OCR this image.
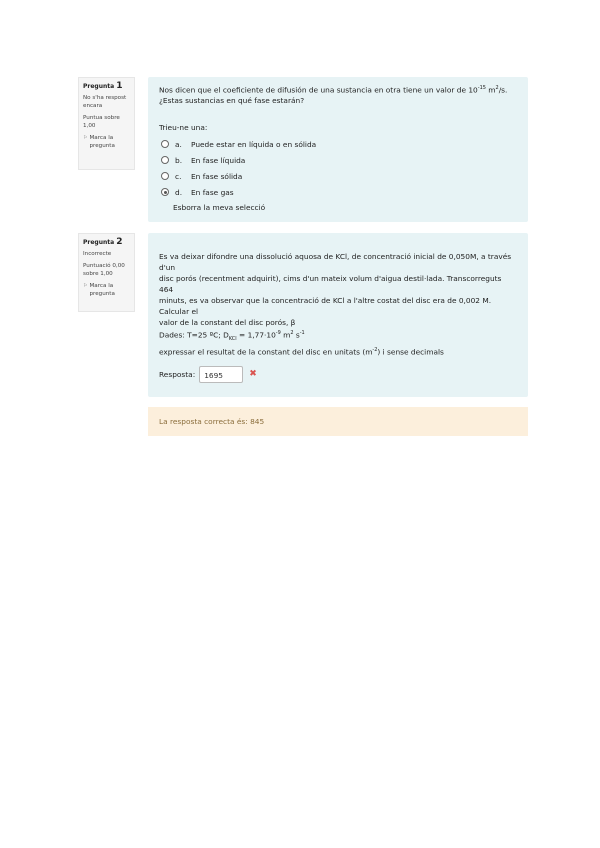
Pregunta 1
No s'ha respost encara
Puntua sobre 1,00
⚐ Marca la pregunta
Nos dicen que el coeficiente de difusión de una sustancia en otra tiene un valor de $10^{-15}$ $m^2/s$. ¿Estas sustancias en qué fase estarán?
Trieu-ne una:
a.	Puede estar en líquida o en sólida
b.	En fase líquida
c.	En fase sólida
d.	En fase gas
Esborra la meva selecció
Pregunta 2
Incorrecte
Puntuació 0,00 sobre 1,00
⚐ Marca la pregunta
Es va deixar difondre una dissolució aquosa de KCl, de concentració inicial de 0,050M, a través d'un
disc porós (recentment adquirit), cims d'un mateix volum d'aigua destil·lada. Transcorreguts 464
minuts, es va observar que la concentració de KCl a l'altre costat del disc era de 0,002 M. Calcular el
valor de la constant del disc porós, β
Dades: T=25 ºC; $D_{KCl} = 1,77\cdot 10^{-9}$ $m^2$ $s^{-1}$
expressar el resultat de la constant del disc en unitats $(m^{-2})$ i sense decimals
Resposta:	1695	✖
La resposta correcta és: 845
